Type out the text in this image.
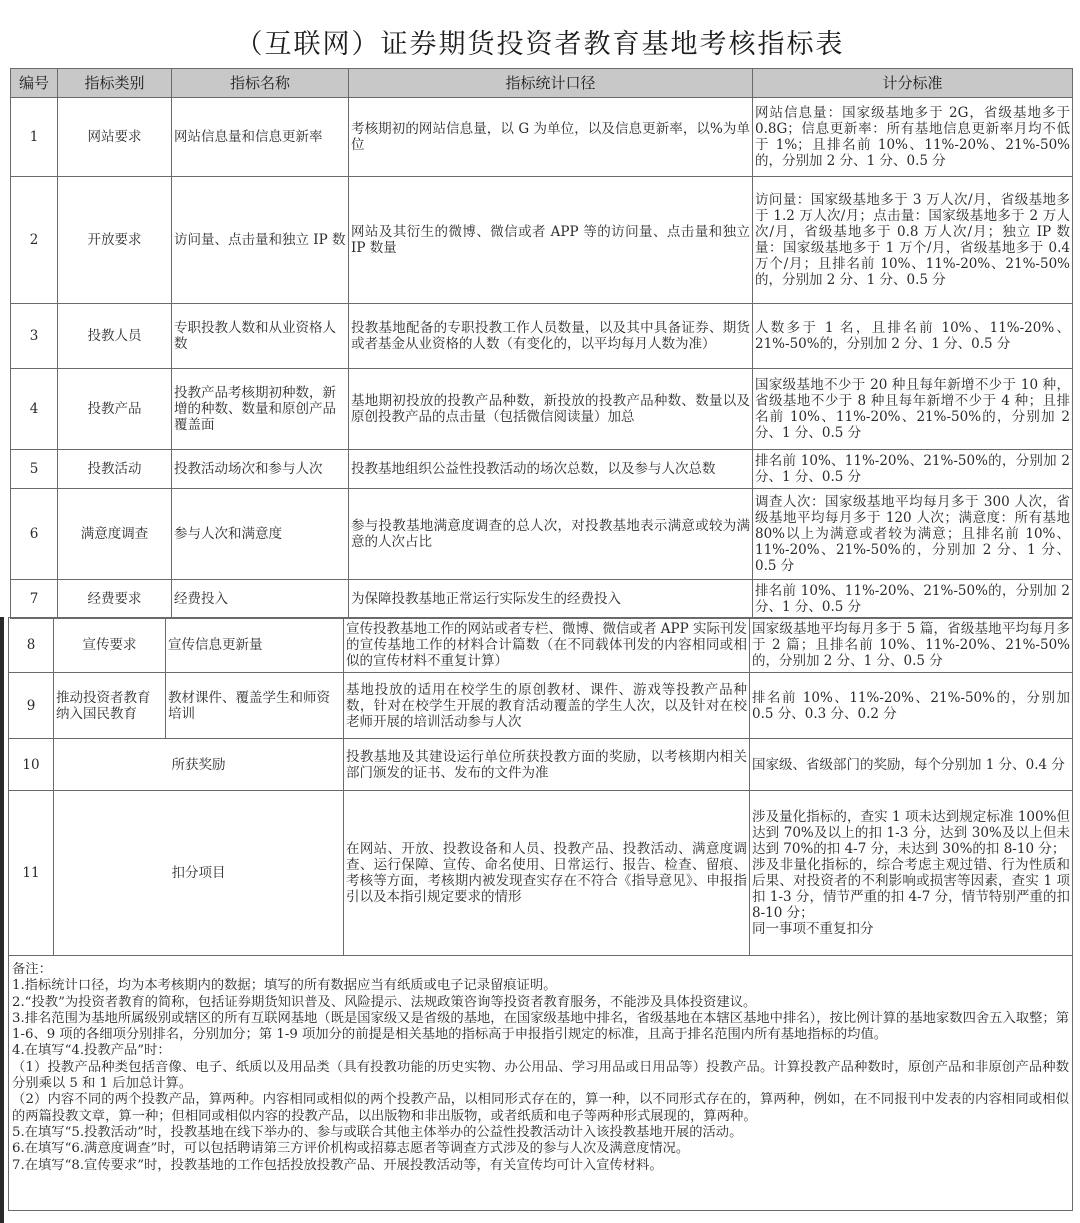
（互联网）证券期货投资者教育基地考核指标表
编号	指标类别	指标名称	指标统计口径	计分标准
1	网站要求	网站信息量和信息更新率	考核期初的网站信息量，以 G 为单位，以及信息更新率，以%为单位	网站信息量：国家级基地多于 2G，省级基地多于 0.8G；信息更新率：所有基地信息更新率月均不低于 1%；且排名前 10%、11%-20%、21%-50%的，分别加 2 分、1 分、0.5 分
2	开放要求	访问量、点击量和独立 IP 数	网站及其衍生的微博、微信或者 APP 等的访问量、点击量和独立 IP 数量	访问量：国家级基地多于 3 万人次/月，省级基地多于 1.2 万人次/月；点击量：国家级基地多于 2 万人次/月，省级基地多于 0.8 万人次/月；独立 IP 数量：国家级基地多于 1 万个/月，省级基地多于 0.4 万个/月；且排名前 10%、11%-20%、21%-50%的，分别加 2 分、1 分、0.5 分
3	投教人员	专职投教人数和从业资格人数	投教基地配备的专职投教工作人员数量，以及其中具备证券、期货或者基金从业资格的人数（有变化的，以平均每月人数为准）	人数多于 1 名，且排名前 10%、11%-20%、21%-50%的，分别加 2 分、1 分、0.5 分
4	投教产品	投教产品考核期初种数，新增的种数、数量和原创产品覆盖面	基地期初投放的投教产品种数，新投放的投教产品种数、数量以及原创投教产品的点击量（包括微信阅读量）加总	国家级基地不少于 20 种且每年新增不少于 10 种，省级基地不少于 8 种且每年新增不少于 4 种；且排名前 10%、11%-20%、21%-50%的，分别加 2 分、1 分、0.5 分
5	投教活动	投教活动场次和参与人次	投教基地组织公益性投教活动的场次总数，以及参与人次总数	排名前 10%、11%-20%、21%-50%的，分别加 2 分、1 分、0.5 分
6	满意度调查	参与人次和满意度	参与投教基地满意度调查的总人次，对投教基地表示满意或较为满意的人次占比	调查人次：国家级基地平均每月多于 300 人次，省级基地平均每月多于 120 人次；满意度：所有基地 80%以上为满意或者较为满意；且排名前 10%、11%-20%、21%-50%的，分别加 2 分、1 分、0.5 分
7	经费要求	经费投入	为保障投教基地正常运行实际发生的经费投入	排名前 10%、11%-20%、21%-50%的，分别加 2 分、1 分、0.5 分
8	宣传要求	宣传信息更新量	宣传投教基地工作的网站或者专栏、微博、微信或者 APP 实际刊发的宣传基地工作的材料合计篇数（在不同载体刊发的内容相同或相似的宣传材料不重复计算）	国家级基地平均每月多于 5 篇，省级基地平均每月多于 2 篇；且排名前 10%、11%-20%、21%-50%的，分别加 2 分、1 分、0.5 分
9	推动投资者教育纳入国民教育	教材课件、覆盖学生和师资培训	基地投放的适用在校学生的原创教材、课件、游戏等投教产品种数，针对在校学生开展的教育活动覆盖的学生人次，以及针对在校老师开展的培训活动参与人次	排名前 10%、11%-20%、21%-50%的，分别加 0.5 分、0.3 分、0.2 分
10	所获奖励		投教基地及其建设运行单位所获投教方面的奖励，以考核期内相关部门颁发的证书、发布的文件为准	国家级、省级部门的奖励，每个分别加 1 分、0.4 分
11	扣分项目		在网站、开放、投教设备和人员、投教产品、投教活动、满意度调查、运行保障、宣传、命名使用、日常运行、报告、检查、留痕、考核等方面，考核期内被发现查实存在不符合《指导意见》、申报指引以及本指引规定要求的情形	涉及量化指标的，查实 1 项未达到规定标准 100%但达到 70%及以上的扣 1-3 分，达到 30%及以上但未达到 70%的扣 4-7 分，未达到 30%的扣 8-10 分；
涉及非量化指标的，综合考虑主观过错、行为性质和后果、对投资者的不利影响或损害等因素，查实 1 项扣 1-3 分，情节严重的扣 4-7 分，情节特别严重的扣 8-10 分；
同一事项不重复扣分

备注：
1.指标统计口径，均为本考核期内的数据；填写的所有数据应当有纸质或电子记录留痕证明。
2.“投教”为投资者教育的简称，包括证券期货知识普及、风险提示、法规政策咨询等投资者教育服务，不能涉及具体投资建议。
3.排名范围为基地所属级别或辖区的所有互联网基地（既是国家级又是省级的基地，在国家级基地中排名，省级基地在本辖区基地中排名），按比例计算的基地家数四舍五入取整；第 1-6、9 项的各细项分别排名，分别加分；第 1-9 项加分的前提是相关基地的指标高于申报指引规定的标准，且高于排名范围内所有基地指标的均值。
4.在填写“4.投教产品”时：
（1）投教产品种类包括音像、电子、纸质以及用品类（具有投教功能的历史实物、办公用品、学习用品或日用品等）投教产品。计算投教产品种数时，原创产品和非原创产品种数分别乘以 5 和 1 后加总计算。
（2）内容不同的两个投教产品，算两种。内容相同或相似的两个投教产品，以相同形式存在的，算一种，以不同形式存在的，算两种，例如，在不同报刊中发表的内容相同或相似的两篇投教文章，算一种；但相同或相似内容的投教产品，以出版物和非出版物，或者纸质和电子等两种形式展现的，算两种。
5.在填写“5.投教活动”时，投教基地在线下举办的、参与或联合其他主体举办的公益性投教活动计入该投教基地开展的活动。
6.在填写“6.满意度调查”时，可以包括聘请第三方评价机构或招募志愿者等调查方式涉及的参与人次及满意度情况。
7.在填写“8.宣传要求”时，投教基地的工作包括投放投教产品、开展投教活动等，有关宣传均可计入宣传材料。
